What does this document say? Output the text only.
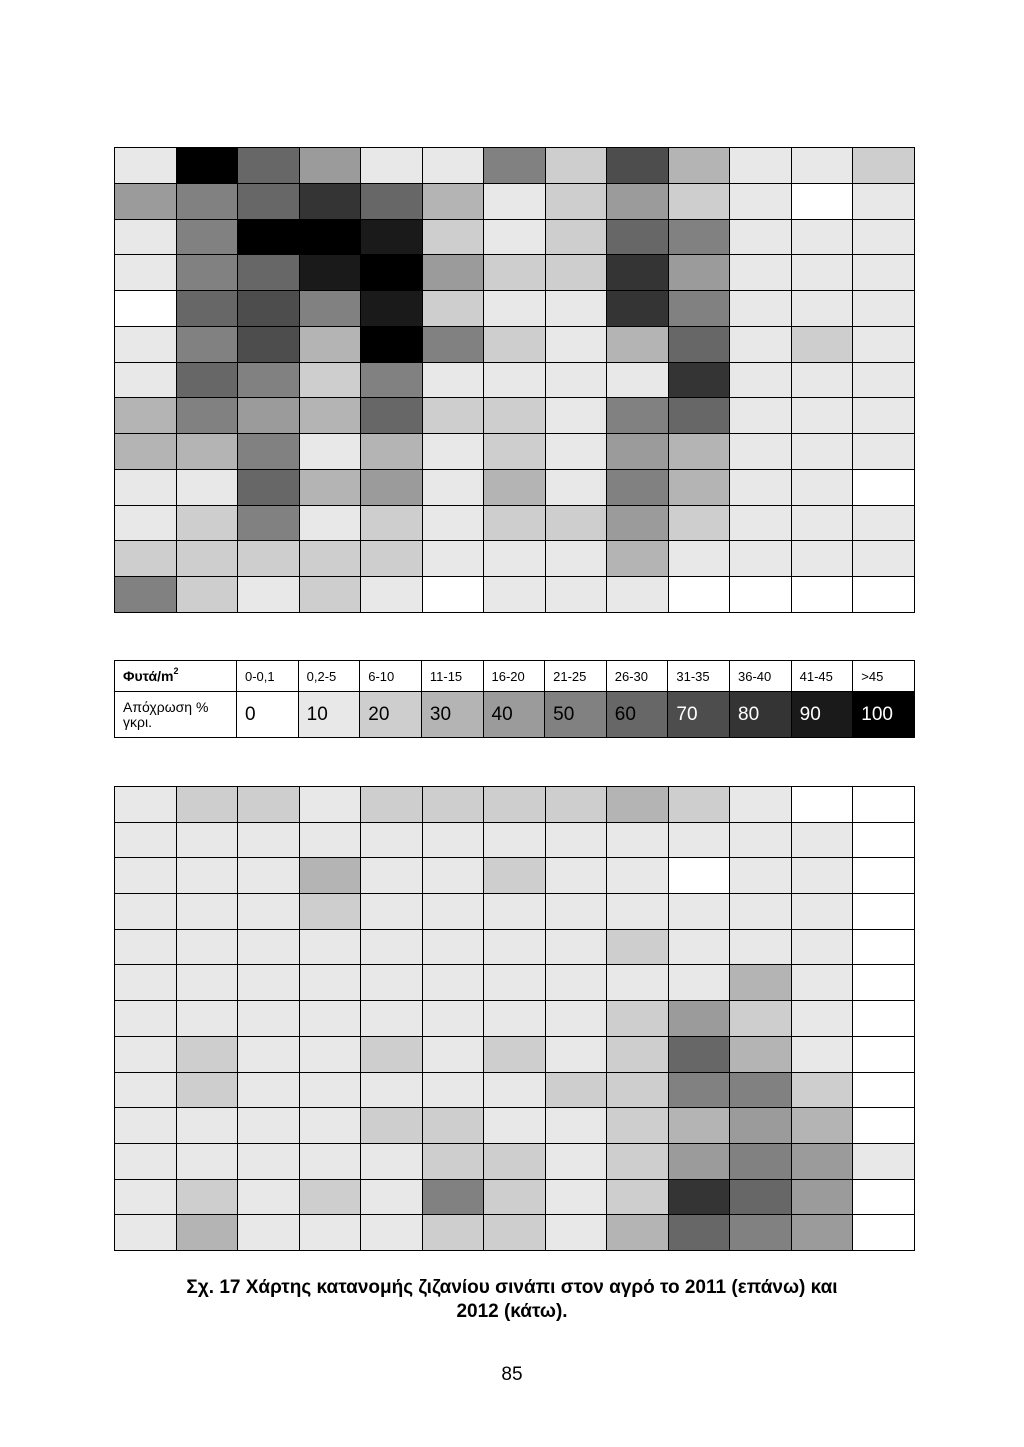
Φυτά/$m^2$	0-0,1	0,2-5	6-10	11-15	16-20	21-25	26-30	31-35	36-40	41-45	>45
Απόχρωση % γκρι.	0	10	20	30	40	50	60	70	80	90	100
Σχ. 17 Χάρτης κατανομής ζιζανίου σινάπι στον αγρό το 2011 (επάνω) και
2012 (κάτω).
85
